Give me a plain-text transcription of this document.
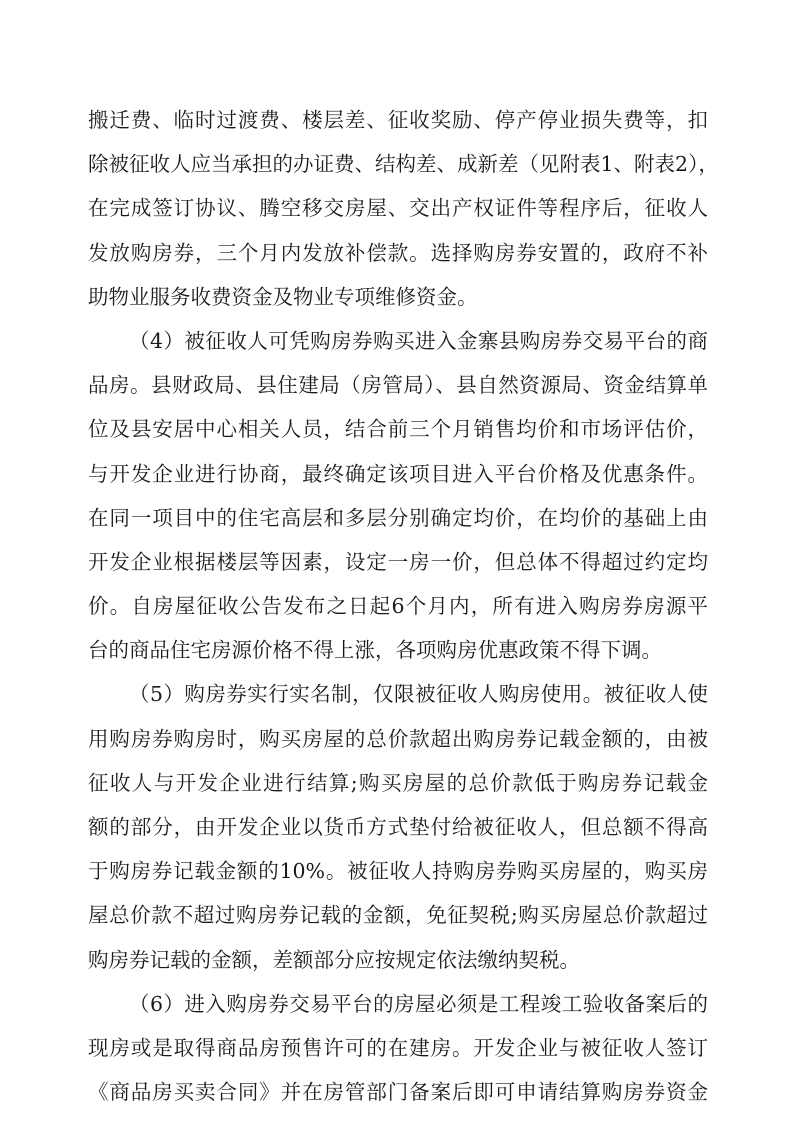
搬迁费、临时过渡费、楼层差、征收奖励、停产停业损失费等，扣
除被征收人应当承担的办证费、结构差、成新差（见附表1、附表2），
在完成签订协议、腾空移交房屋、交出产权证件等程序后，征收人
发放购房券，三个月内发放补偿款。选择购房券安置的，政府不补
助物业服务收费资金及物业专项维修资金。
（4）被征收人可凭购房券购买进入金寨县购房券交易平台的商
品房。县财政局、县住建局（房管局）、县自然资源局、资金结算单
位及县安居中心相关人员，结合前三个月销售均价和市场评估价，
与开发企业进行协商，最终确定该项目进入平台价格及优惠条件。
在同一项目中的住宅高层和多层分别确定均价，在均价的基础上由
开发企业根据楼层等因素，设定一房一价，但总体不得超过约定均
价。自房屋征收公告发布之日起6个月内，所有进入购房券房源平
台的商品住宅房源价格不得上涨，各项购房优惠政策不得下调。
（5）购房券实行实名制，仅限被征收人购房使用。被征收人使
用购房券购房时，购买房屋的总价款超出购房券记载金额的，由被
征收人与开发企业进行结算;购买房屋的总价款低于购房券记载金
额的部分，由开发企业以货币方式垫付给被征收人，但总额不得高
于购房券记载金额的10%。被征收人持购房券购买房屋的，购买房
屋总价款不超过购房券记载的金额，免征契税;购买房屋总价款超过
购房券记载的金额，差额部分应按规定依法缴纳契税。
（6）进入购房券交易平台的房屋必须是工程竣工验收备案后的
现房或是取得商品房预售许可的在建房。开发企业与被征收人签订
《商品房买卖合同》并在房管部门备案后即可申请结算购房券资金
